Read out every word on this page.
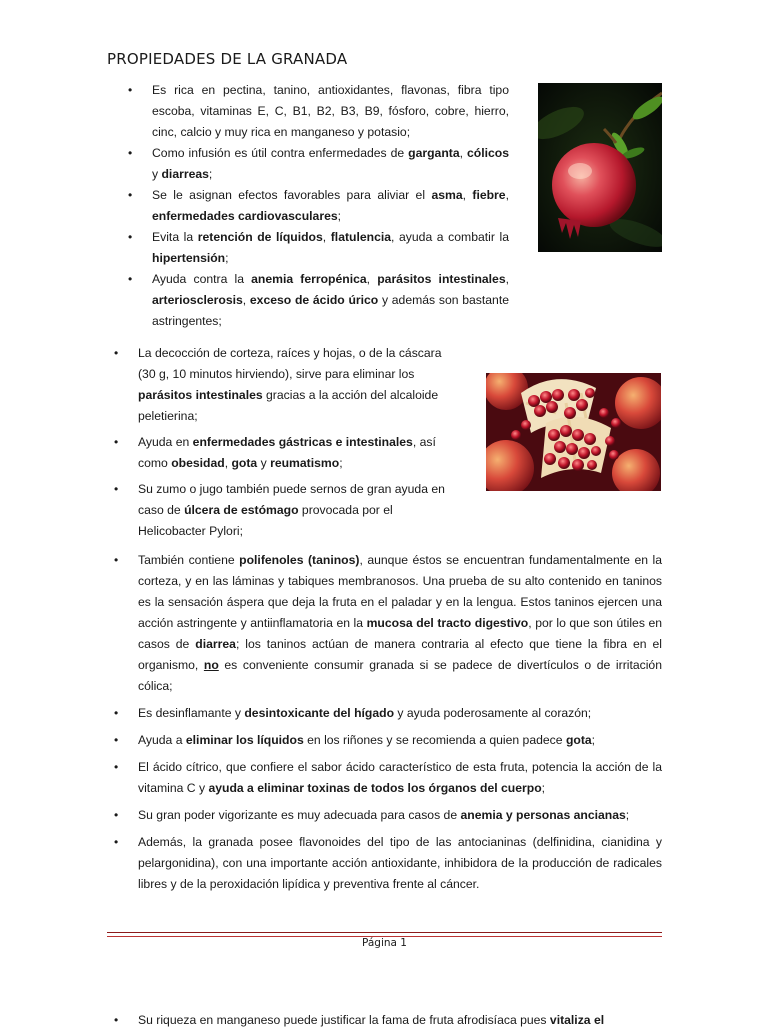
PROPIEDADES DE LA GRANADA
• Es rica en pectina, tanino, antioxidantes, flavonas, fibra tipo escoba, vitaminas E, C, B1, B2, B3, B9, fósforo, cobre, hierro, cinc, calcio y muy rica en manganeso y potasio;
• Como infusión es útil contra enfermedades de garganta, cólicos y diarreas;
• Se le asignan efectos favorables para aliviar el asma, fiebre, enfermedades cardiovasculares;
• Evita la retención de líquidos, flatulencia, ayuda a combatir la hipertensión;
• Ayuda contra la anemia ferropénica, parásitos intestinales, arteriosclerosis, exceso de ácido úrico y además son bastante astringentes;
• La decocción de corteza, raíces y hojas, o de la cáscara (30 g, 10 minutos hirviendo), sirve para eliminar los parásitos intestinales gracias a la acción del alcaloide peletierina;
• Ayuda en enfermedades gástricas e intestinales, así como obesidad, gota y reumatismo;
• Su zumo o jugo también puede sernos de gran ayuda en caso de úlcera de estómago provocada por el Helicobacter Pylori;
• También contiene polifenoles (taninos), aunque éstos se encuentran fundamentalmente en la corteza, y en las láminas y tabiques membranosos. Una prueba de su alto contenido en taninos es la sensación áspera que deja la fruta en el paladar y en la lengua. Estos taninos ejercen una acción astringente y antiinflamatoria en la mucosa del tracto digestivo, por lo que son útiles en casos de diarrea; los taninos actúan de manera contraria al efecto que tiene la fibra en el organismo, no es conveniente consumir granada si se padece de divertículos o de irritación cólica;
• Es desinflamante y desintoxicante del hígado y ayuda poderosamente al corazón;
• Ayuda a eliminar los líquidos en los riñones y se recomienda a quien padece gota;
• El ácido cítrico, que confiere el sabor ácido característico de esta fruta, potencia la acción de la vitamina C y ayuda a eliminar toxinas de todos los órganos del cuerpo;
• Su gran poder vigorizante es muy adecuada para casos de anemia y personas ancianas;
• Además, la granada posee flavonoides del tipo de las antocianinas (delfinidina, cianidina y pelargonidina), con una importante acción antioxidante, inhibidora de la producción de radicales libres y de la peroxidación lipídica y preventiva frente al cáncer.
Página 1
• Su riqueza en manganeso puede justificar la fama de fruta afrodisíaca pues vitaliza el
